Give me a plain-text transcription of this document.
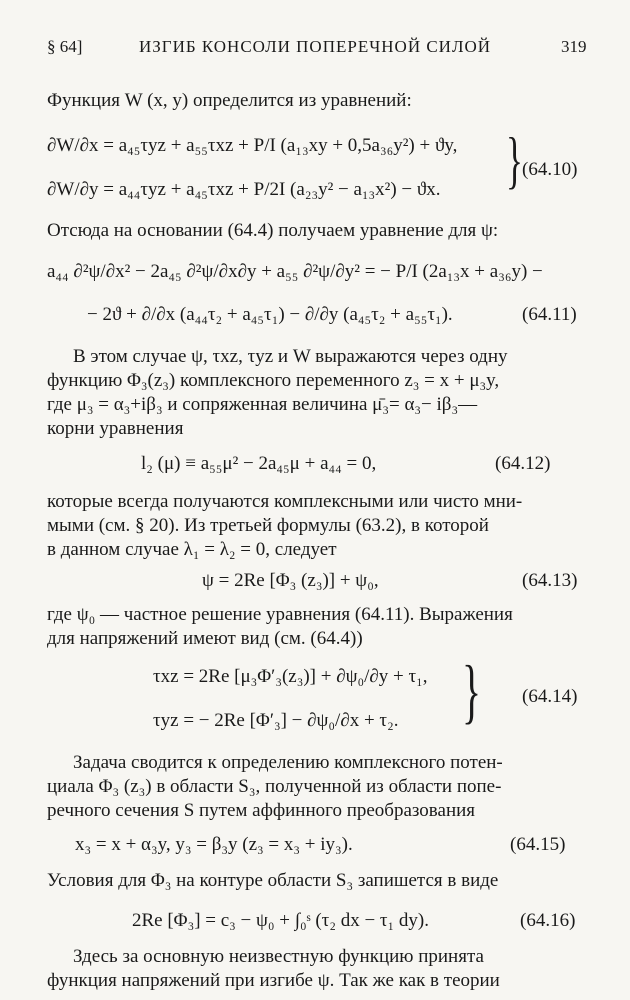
§ 64]	ИЗГИБ КОНСОЛИ ПОПЕРЕЧНОЙ СИЛОЙ	319
Функция W (x, y) определится из уравнений:
∂W/∂x = a₄₅τyz + a₅₅τxz + P/I (a₁₃xy + 0,5a₃₆y²) + ϑy,
∂W/∂y = a₄₄τyz + a₄₅τxz + P/2I (a₂₃y² − a₁₃x²) − ϑx. } (64.10)
Отсюда на основании (64.4) получаем уравнение для ψ:
a₄₄ ∂²ψ/∂x² − 2a₄₅ ∂²ψ/∂x∂y + a₅₅ ∂²ψ/∂y² = − P/I (2a₁₃x + a₃₆y) −
− 2ϑ + ∂/∂x (a₄₄τ₂ + a₄₅τ₁) − ∂/∂y (a₄₅τ₂ + a₅₅τ₁).	(64.11)
В этом случае ψ, τxz, τyz и W выражаются через одну
функцию Φ₃(z₃) комплексного переменного z₃ = x + μ₃y,
где μ₃ = α₃+iβ₃ и сопряженная величина μ̄₃= α₃− iβ₃—
корни уравнения
l₂ (μ) ≡ a₅₅μ² − 2a₄₅μ + a₄₄ = 0,	(64.12)
которые всегда получаются комплексными или чисто мни-
мыми (см. § 20). Из третьей формулы (63.2), в которой
в данном случае λ₁ = λ₂ = 0, следует
ψ = 2Re [Φ₃ (z₃)] + ψ₀,	(64.13)
где ψ₀ — частное решение уравнения (64.11). Выражения
для напряжений имеют вид (см. (64.4))
τxz = 2Re [μ₃Φ′₃(z₃)] + ∂ψ₀/∂y + τ₁,
τyz = − 2Re [Φ′₃] − ∂ψ₀/∂x + τ₂. } (64.14)
Задача сводится к определению комплексного потен-
циала Φ₃ (z₃) в области S₃, полученной из области попе-
речного сечения S путем аффинного преобразования
x₃ = x + α₃y, y₃ = β₃y (z₃ = x₃ + iy₃).	(64.15)
Условия для Φ₃ на контуре области S₃ запишется в виде
2Re [Φ₃] = c₃ − ψ₀ + ∫₀ˢ (τ₂ dx − τ₁ dy).	(64.16)
Здесь за основную неизвестную функцию принята
функция напряжений при изгибе ψ. Так же как в теории
